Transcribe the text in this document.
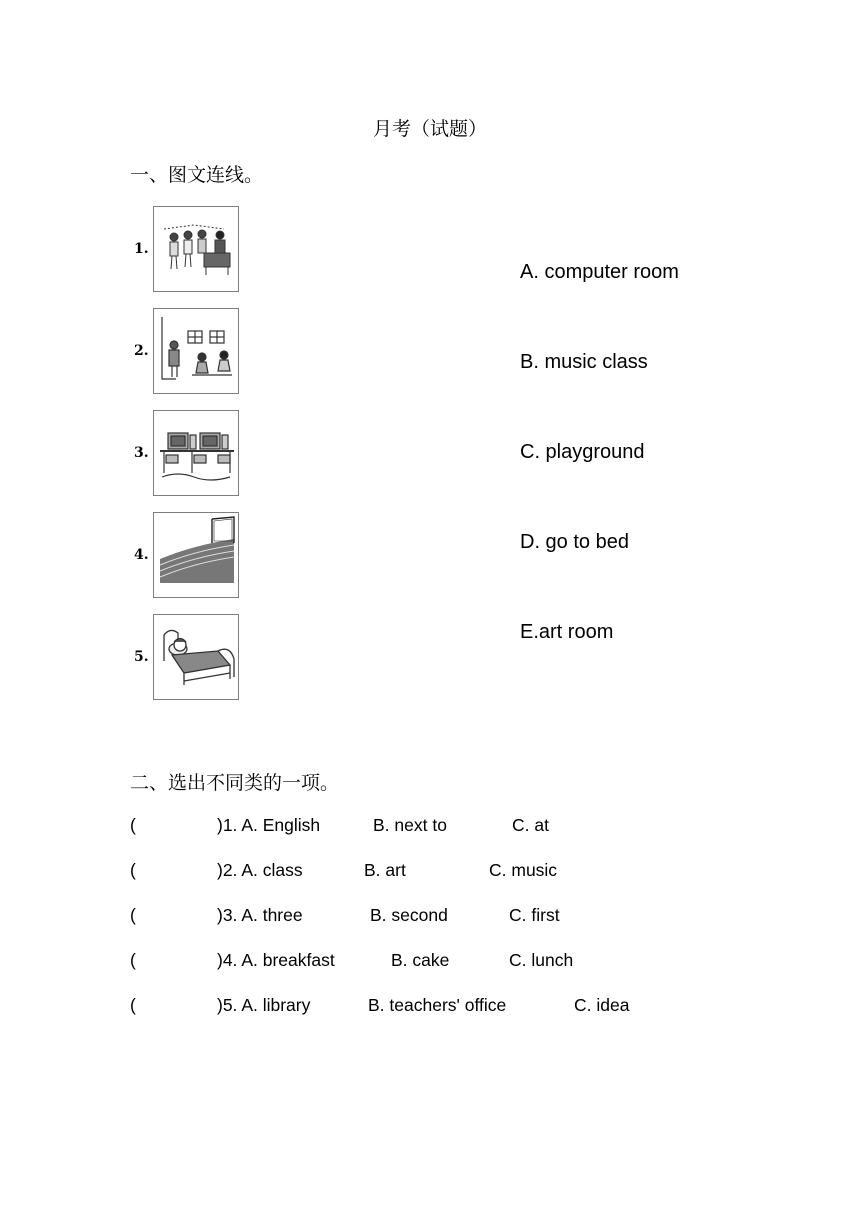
月考（试题）
一、图文连线。
1.
2.
3.
4.
5.
A. computer room
B. music class
C. playground
D. go to bed
E.art room
二、选出不同类的一项。
(	)1. A. English	B. next to	C. at
(	)2. A. class	B. art	C. music
(	)3. A. three	B. second	C. first
(	)4. A. breakfast	B. cake	C. lunch
(	)5. A. library	B. teachers' office	C. idea
